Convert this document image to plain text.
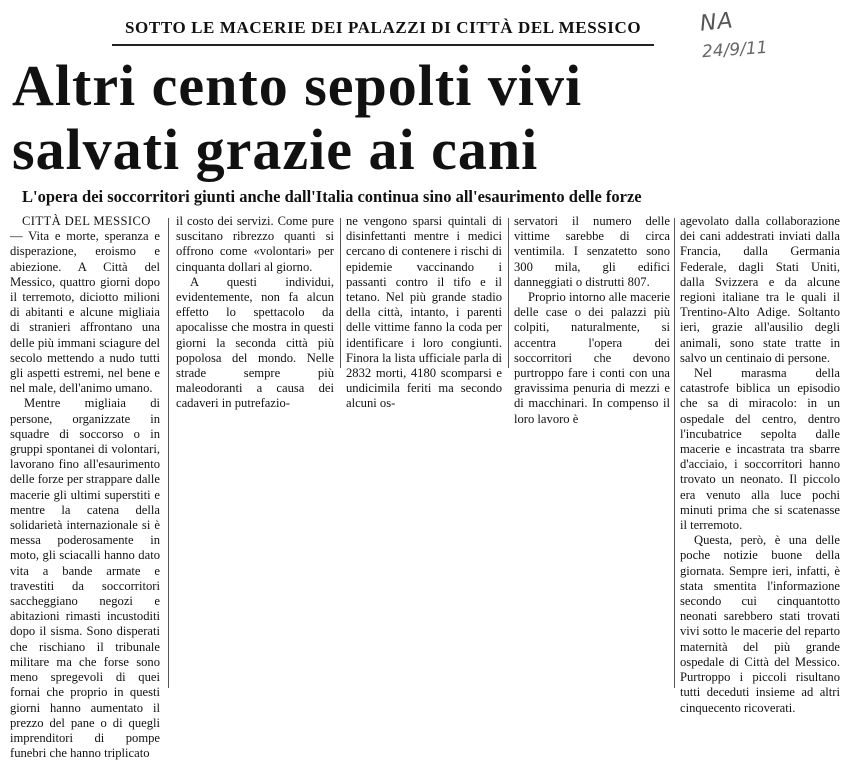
SOTTO LE MACERIE DEI PALAZZI DI CITTÀ DEL MESSICO	NA
24/9/11
Altri cento sepolti vivi
salvati grazie ai cani
L'opera dei soccorritori giunti anche dall'Italia continua sino all'esaurimento delle forze

CITTÀ DEL MESSICO

— Vita e morte, speranza e disperazione, eroismo e abiezione. A Città del Messico, quattro giorni dopo il terremoto, diciotto milioni di abitanti e alcune migliaia di stranieri affrontano una delle più immani sciagure del secolo mettendo a nudo tutti gli aspetti estremi, nel bene e nel male, dell'animo umano.

Mentre migliaia di persone, organizzate in squadre di soccorso o in gruppi spontanei di volontari, lavorano fino all'esaurimento delle forze per strappare dalle macerie gli ultimi superstiti e mentre la catena della solidarietà internazionale si è messa poderosamente in moto, gli sciacalli hanno dato vita a bande armate e travestiti da soccorritori saccheggiano negozi e abitazioni rimasti incustoditi dopo il sisma. Sono disperati che rischiano il tribunale militare ma che forse sono meno spregevoli di quei fornai che proprio in questi giorni hanno aumentato il prezzo del pane o di quegli imprenditori di pompe funebri che hanno triplicato

il costo dei servizi. Come pure suscitano ribrezzo quanti si offrono come «volontari» per cinquanta dollari al giorno.

A questi individui, evidentemente, non fa alcun effetto lo spettacolo da apocalisse che mostra in questi giorni la seconda città più popolosa del mondo. Nelle strade sempre più maleodoranti a causa dei cadaveri in putrefazio-

ne vengono sparsi quintali di disinfettanti mentre i medici cercano di contenere i rischi di epidemie vaccinando i passanti contro il tifo e il tetano. Nel più grande stadio della città, intanto, i parenti delle vittime fanno la coda per identificare i loro congiunti. Finora la lista ufficiale parla di 2832 morti, 4180 scomparsi e undicimila feriti ma secondo alcuni os-

servatori il numero delle vittime sarebbe di circa ventimila. I senzatetto sono 300 mila, gli edifici danneggiati o distrutti 807.

Proprio intorno alle macerie delle case o dei palazzi più colpiti, naturalmente, si accentra l'opera dei soccorritori che devono purtroppo fare i conti con una gravissima penuria di mezzi e di macchinari. In compenso il loro lavoro è

agevolato dalla collaborazione dei cani addestrati inviati dalla Francia, dalla Germania Federale, dagli Stati Uniti, dalla Svizzera e da alcune regioni italiane tra le quali il Trentino-Alto Adige. Soltanto ieri, grazie all'ausilio degli animali, sono state tratte in salvo un centinaio di persone.

Nel marasma della catastrofe biblica un episodio che sa di miracolo: in un ospedale del centro, dentro l'incubatrice sepolta dalle macerie e incastrata tra sbarre d'acciaio, i soccorritori hanno trovato un neonato. Il piccolo era venuto alla luce pochi minuti prima che si scatenasse il terremoto.

Questa, però, è una delle poche notizie buone della giornata. Sempre ieri, infatti, è stata smentita l'informazione secondo cui cinquantotto neonati sarebbero stati trovati vivi sotto le macerie del reparto maternità del più grande ospedale di Città del Messico. Purtroppo i piccoli risultano tutti deceduti insieme ad altri cinquecento ricoverati.
